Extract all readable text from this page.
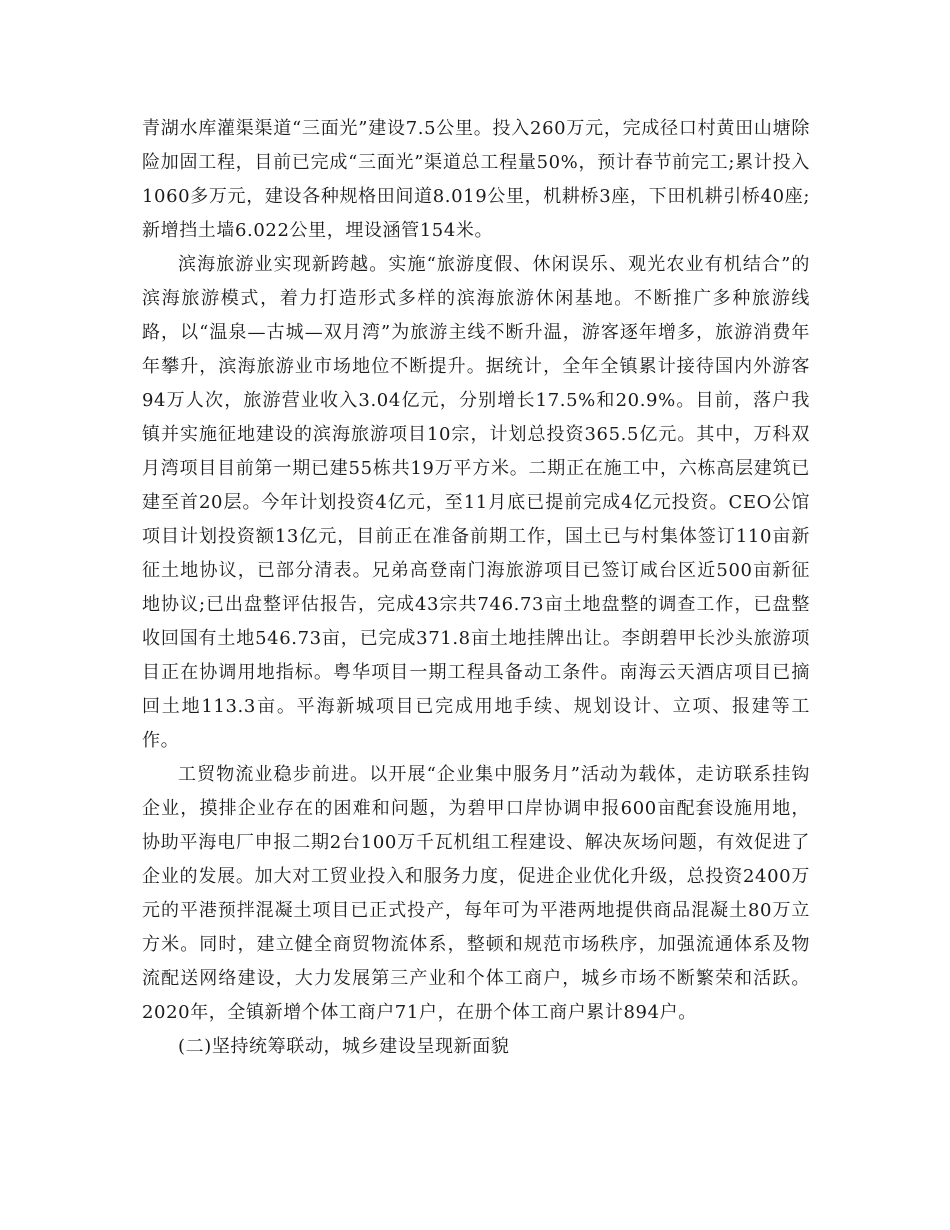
青湖水库灌渠渠道“三面光”建设7.5公里。投入260万元，完成径口村黄田山塘除险加固工程，目前已完成“三面光”渠道总工程量50%，预计春节前完工;累计投入1060多万元，建设各种规格田间道8.019公里，机耕桥3座，下田机耕引桥40座;新增挡土墙6.022公里，埋设涵管154米。

滨海旅游业实现新跨越。实施“旅游度假、休闲误乐、观光农业有机结合”的滨海旅游模式，着力打造形式多样的滨海旅游休闲基地。不断推广多种旅游线路，以“温泉—古城—双月湾”为旅游主线不断升温，游客逐年增多，旅游消费年年攀升，滨海旅游业市场地位不断提升。据统计，全年全镇累计接待国内外游客94万人次，旅游营业收入3.04亿元，分别增长17.5%和20.9%。目前，落户我镇并实施征地建设的滨海旅游项目10宗，计划总投资365.5亿元。其中，万科双月湾项目目前第一期已建55栋共19万平方米。二期正在施工中，六栋高层建筑已建至首20层。今年计划投资4亿元，至11月底已提前完成4亿元投资。CEO公馆项目计划投资额13亿元，目前正在准备前期工作，国土已与村集体签订110亩新征土地协议，已部分清表。兄弟高登南门海旅游项目已签订咸台区近500亩新征地协议;已出盘整评估报告，完成43宗共746.73亩土地盘整的调查工作，已盘整收回国有土地546.73亩，已完成371.8亩土地挂牌出让。李朗碧甲长沙头旅游项目正在协调用地指标。粤华项目一期工程具备动工条件。南海云天酒店项目已摘回土地113.3亩。平海新城项目已完成用地手续、规划设计、立项、报建等工作。

工贸物流业稳步前进。以开展“企业集中服务月”活动为载体，走访联系挂钩企业，摸排企业存在的困难和问题，为碧甲口岸协调申报600亩配套设施用地，协助平海电厂申报二期2台100万千瓦机组工程建设、解决灰场问题，有效促进了企业的发展。加大对工贸业投入和服务力度，促进企业优化升级，总投资2400万元的平港预拌混凝土项目已正式投产，每年可为平港两地提供商品混凝土80万立方米。同时，建立健全商贸物流体系，整顿和规范市场秩序，加强流通体系及物流配送网络建设，大力发展第三产业和个体工商户，城乡市场不断繁荣和活跃。2020年，全镇新增个体工商户71户，在册个体工商户累计894户。

(二)坚持统筹联动，城乡建设呈现新面貌
